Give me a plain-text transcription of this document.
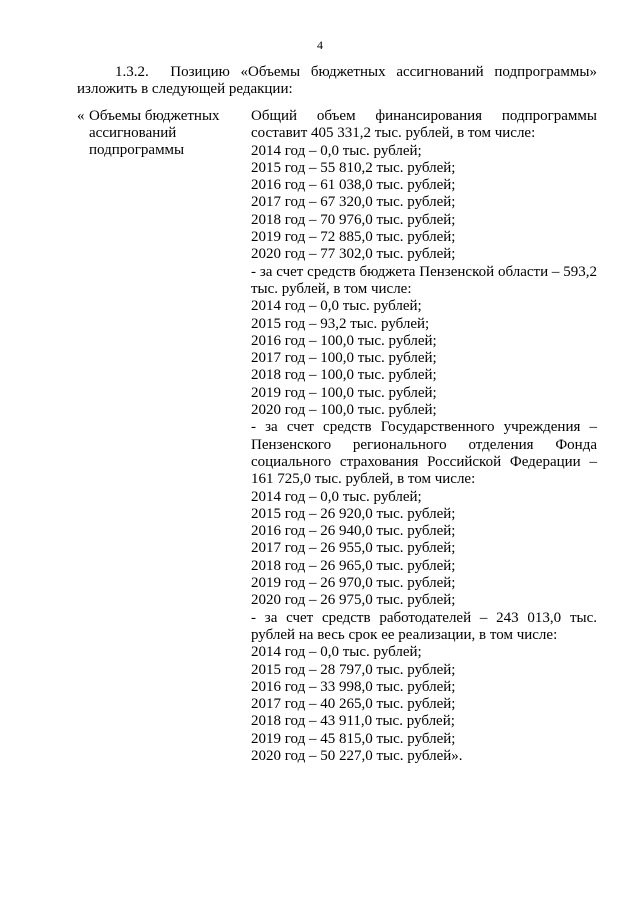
4
1.3.2. Позицию «Объемы бюджетных ассигнований подпрограммы» изложить в следующей редакции:
« Объемы бюджетных
ассигнований
подпрограммы
Общий объем финансирования подпрограммы составит 405 331,2 тыс. рублей, в том числе:
2014 год – 0,0 тыс. рублей;
2015 год – 55 810,2 тыс. рублей;
2016 год – 61 038,0 тыс. рублей;
2017 год – 67 320,0 тыс. рублей;
2018 год – 70 976,0 тыс. рублей;
2019 год – 72 885,0 тыс. рублей;
2020 год – 77 302,0 тыс. рублей;
- за счет средств бюджета Пензенской области – 593,2 тыс. рублей, в том числе:
2014 год – 0,0 тыс. рублей;
2015 год – 93,2 тыс. рублей;
2016 год – 100,0 тыс. рублей;
2017 год – 100,0 тыс. рублей;
2018 год – 100,0 тыс. рублей;
2019 год – 100,0 тыс. рублей;
2020 год – 100,0 тыс. рублей;
- за счет средств Государственного учреждения – Пензенского регионального отделения Фонда социального страхования Российской Федерации – 161 725,0 тыс. рублей, в том числе:
2014 год – 0,0 тыс. рублей;
2015 год – 26 920,0 тыс. рублей;
2016 год – 26 940,0 тыс. рублей;
2017 год – 26 955,0 тыс. рублей;
2018 год – 26 965,0 тыс. рублей;
2019 год – 26 970,0 тыс. рублей;
2020 год – 26 975,0 тыс. рублей;
- за счет средств работодателей – 243 013,0 тыс. рублей на весь срок ее реализации, в том числе:
2014 год – 0,0 тыс. рублей;
2015 год – 28 797,0 тыс. рублей;
2016 год – 33 998,0 тыс. рублей;
2017 год – 40 265,0 тыс. рублей;
2018 год – 43 911,0 тыс. рублей;
2019 год – 45 815,0 тыс. рублей;
2020 год – 50 227,0 тыс. рублей».
